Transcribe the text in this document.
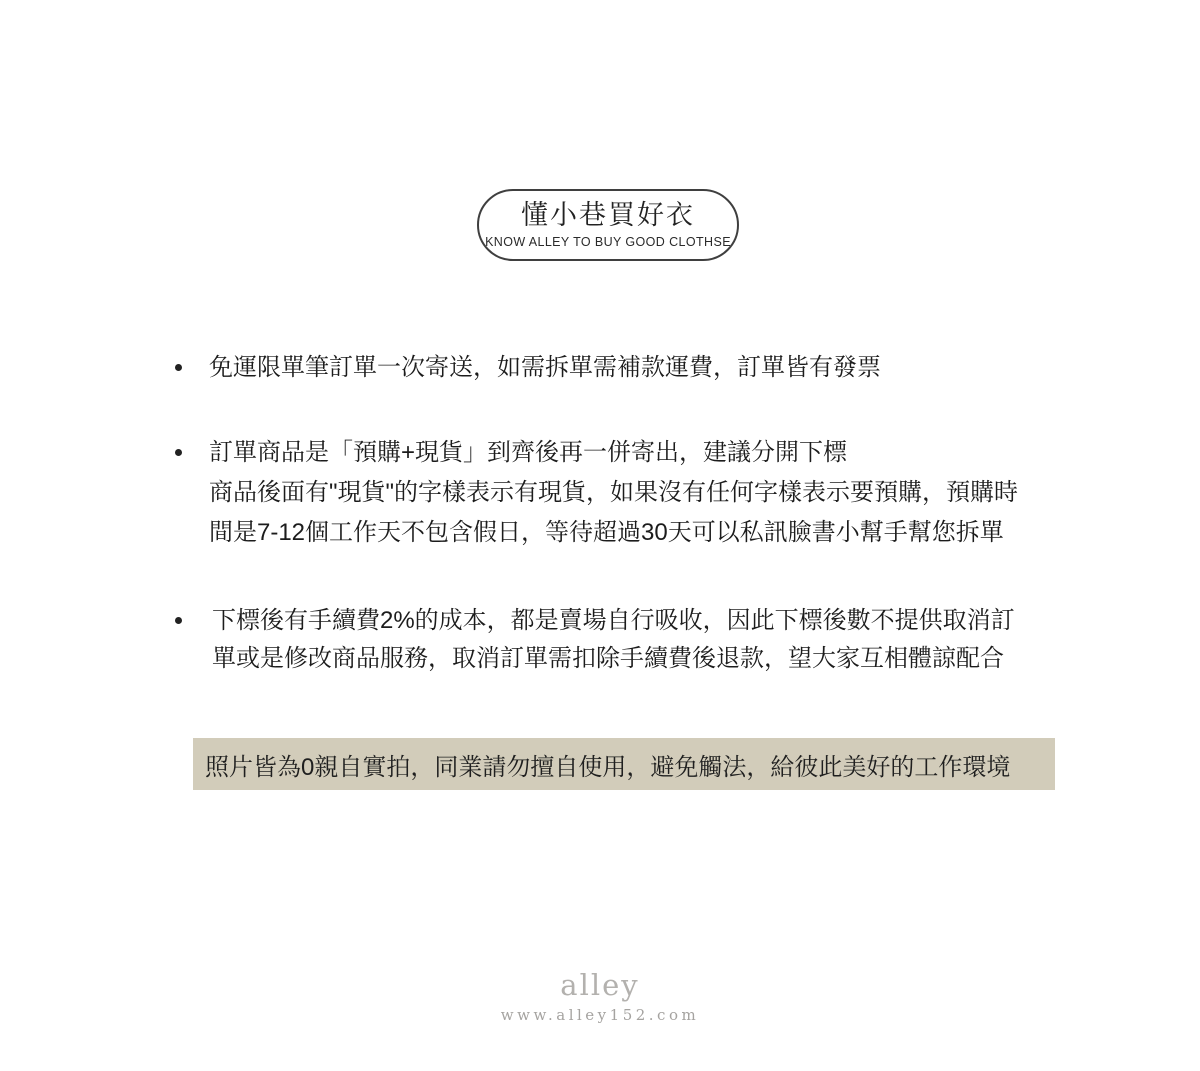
懂小巷買好衣
KNOW ALLEY TO BUY GOOD CLOTHSE
免運限單筆訂單一次寄送，如需拆單需補款運費，訂單皆有發票
訂單商品是「預購+現貨」到齊後再一併寄出，建議分開下標
商品後面有"現貨"的字樣表示有現貨，如果沒有任何字樣表示要預購，預購時
間是7-12個工作天不包含假日，等待超過30天可以私訊臉書小幫手幫您拆單
下標後有手續費2%的成本，都是賣場自行吸收，因此下標後數不提供取消訂
單或是修改商品服務，取消訂單需扣除手續費後退款，望大家互相體諒配合
照片皆為0親自實拍，同業請勿擅自使用，避免觸法，給彼此美好的工作環境
alley
www.alley152.com
